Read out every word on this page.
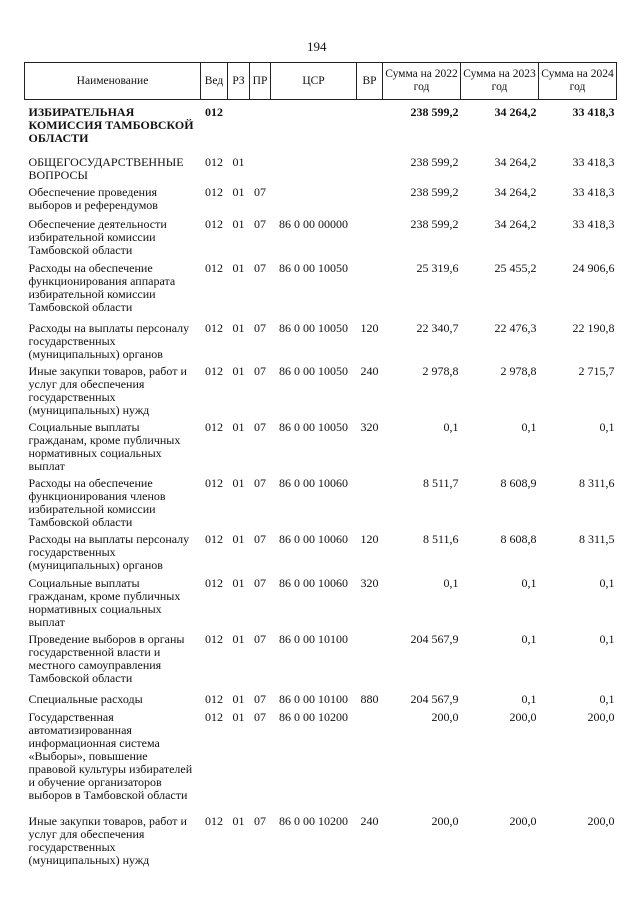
194
Наименование	Вед	РЗ	ПР	ЦСР	ВР	Сумма на 2022 год	Сумма на 2023 год	Сумма на 2024 год
ИЗБИРАТЕЛЬНАЯ КОМИССИЯ ТАМБОВСКОЙ ОБЛАСТИ	012					238 599,2	34 264,2	33 418,3
ОБЩЕГОСУДАРСТВЕННЫЕ ВОПРОСЫ	012	01				238 599,2	34 264,2	33 418,3
Обеспечение проведения выборов и референдумов	012	01	07			238 599,2	34 264,2	33 418,3
Обеспечение деятельности избирательной комиссии Тамбовской области	012	01	07	86 0 00 00000		238 599,2	34 264,2	33 418,3
Расходы на обеспечение функционирования аппарата избирательной комиссии Тамбовской области	012	01	07	86 0 00 10050		25 319,6	25 455,2	24 906,6
Расходы на выплаты персоналу государственных (муниципальных) органов	012	01	07	86 0 00 10050	120	22 340,7	22 476,3	22 190,8
Иные закупки товаров, работ и услуг для обеспечения государственных (муниципальных) нужд	012	01	07	86 0 00 10050	240	2 978,8	2 978,8	2 715,7
Социальные выплаты гражданам, кроме публичных нормативных социальных выплат	012	01	07	86 0 00 10050	320	0,1	0,1	0,1
Расходы на обеспечение функционирования членов избирательной комиссии Тамбовской области	012	01	07	86 0 00 10060		8 511,7	8 608,9	8 311,6
Расходы на выплаты персоналу государственных (муниципальных) органов	012	01	07	86 0 00 10060	120	8 511,6	8 608,8	8 311,5
Социальные выплаты гражданам, кроме публичных нормативных социальных выплат	012	01	07	86 0 00 10060	320	0,1	0,1	0,1
Проведение выборов в органы государственной власти и местного самоуправления Тамбовской области	012	01	07	86 0 00 10100		204 567,9	0,1	0,1
Специальные расходы	012	01	07	86 0 00 10100	880	204 567,9	0,1	0,1
Государственная автоматизированная информационная система «Выборы», повышение правовой культуры избирателей и обучение организаторов выборов в Тамбовской области	012	01	07	86 0 00 10200		200,0	200,0	200,0
Иные закупки товаров, работ и услуг для обеспечения государственных (муниципальных) нужд	012	01	07	86 0 00 10200	240	200,0	200,0	200,0
